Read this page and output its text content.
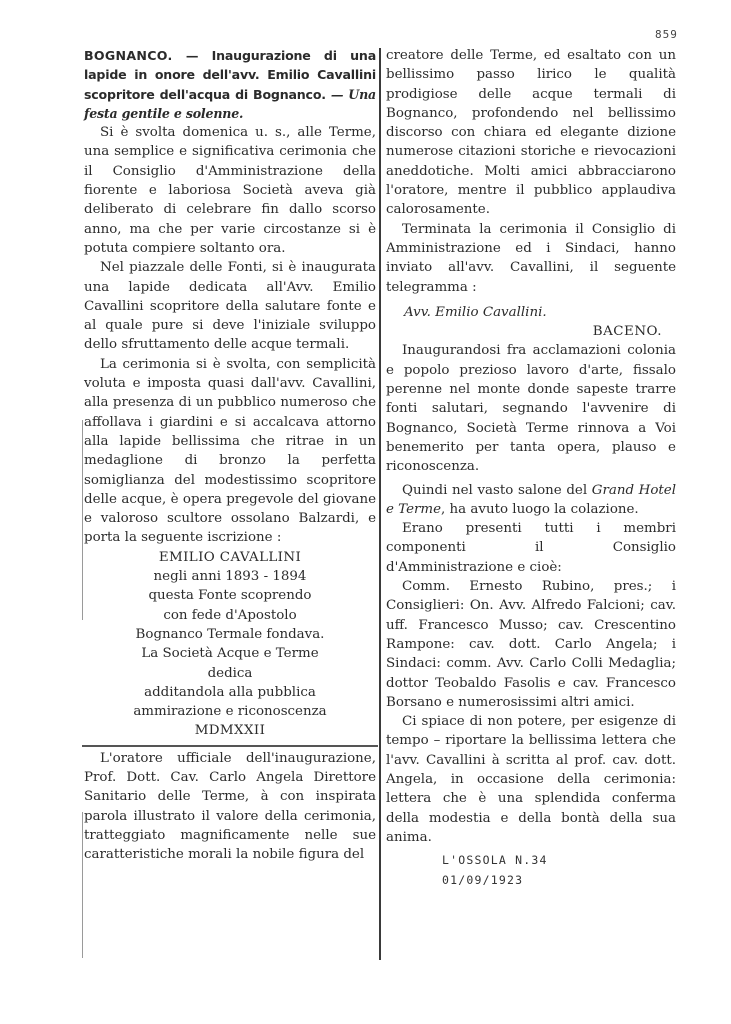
859

BOGNANCO. — Inaugurazione di una lapide in onore dell'avv. Emilio Cavallini scopritore dell'acqua di Bognanco. — Una festa gentile e solenne.

Si è svolta domenica u. s., alle Terme, una semplice e significativa cerimonia che il Consiglio d'Amministrazione della fiorente e laboriosa Società aveva già deliberato di celebrare fin dallo scorso anno, ma che per varie circostanze si è potuta compiere soltanto ora.

Nel piazzale delle Fonti, si è inaugurata una lapide dedicata all'Avv. Emilio Cavallini scopritore della salutare fonte e al quale pure si deve l'iniziale sviluppo dello sfruttamento delle acque termali.

La cerimonia si è svolta, con semplicità voluta e imposta quasi dall'avv. Cavallini, alla presenza di un pubblico numeroso che affollava i giardini e si accalcava attorno alla lapide bellissima che ritrae in un medaglione di bronzo la perfetta somiglianza del modestissimo scopritore delle acque, è opera pregevole del giovane e valoroso scultore ossolano Balzardi, e porta la seguente iscrizione :

EMILIO CAVALLINI
negli anni 1893 - 1894
questa Fonte scoprendo
con fede d'Apostolo
Bognanco Termale fondava.
La Società Acque e Terme
dedica
additandola alla pubblica
ammirazione e riconoscenza
MDMXXII

L'oratore ufficiale dell'inaugurazione, Prof. Dott. Cav. Carlo Angela Direttore Sanitario delle Terme, à con inspirata parola illustrato il valore della cerimonia, tratteggiato magnificamente nelle sue caratteristiche morali la nobile figura del

creatore delle Terme, ed esaltato con un bellissimo passo lirico le qualità prodigiose delle acque termali di Bognanco, profondendo nel bellissimo discorso con chiara ed elegante dizione numerose citazioni storiche e rievocazioni aneddotiche. Molti amici abbracciarono l'oratore, mentre il pubblico applaudiva calorosamente.

Terminata la cerimonia il Consiglio di Amministrazione ed i Sindaci, hanno inviato all'avv. Cavallini, il seguente telegramma :

Avv. Emilio Cavallini.

BACENO.

Inaugurandosi fra acclamazioni colonia e popolo prezioso lavoro d'arte, fissalo perenne nel monte donde sapeste trarre fonti salutari, segnando l'avvenire di Bognanco, Società Terme rinnova a Voi benemerito per tanta opera, plauso e riconoscenza.

Quindi nel vasto salone del Grand Hotel e Terme, ha avuto luogo la colazione.

Erano presenti tutti i membri componenti il Consiglio d'Amministrazione e cioè:

Comm. Ernesto Rubino, pres.; i Consiglieri: On. Avv. Alfredo Falcioni; cav. uff. Francesco Musso; cav. Crescentino Rampone: cav. dott. Carlo Angela; i Sindaci: comm. Avv. Carlo Colli Medaglia; dottor Teobaldo Fasolis e cav. Francesco Borsano e numerosissimi altri amici.

Ci spiace di non potere, per esigenze di tempo – riportare la bellissima lettera che l'avv. Cavallini à scritta al prof. cav. dott. Angela, in occasione della cerimonia: lettera che è una splendida conferma della modestia e della bontà della sua anima.

L'OSSOLA N.34
01/09/1923
